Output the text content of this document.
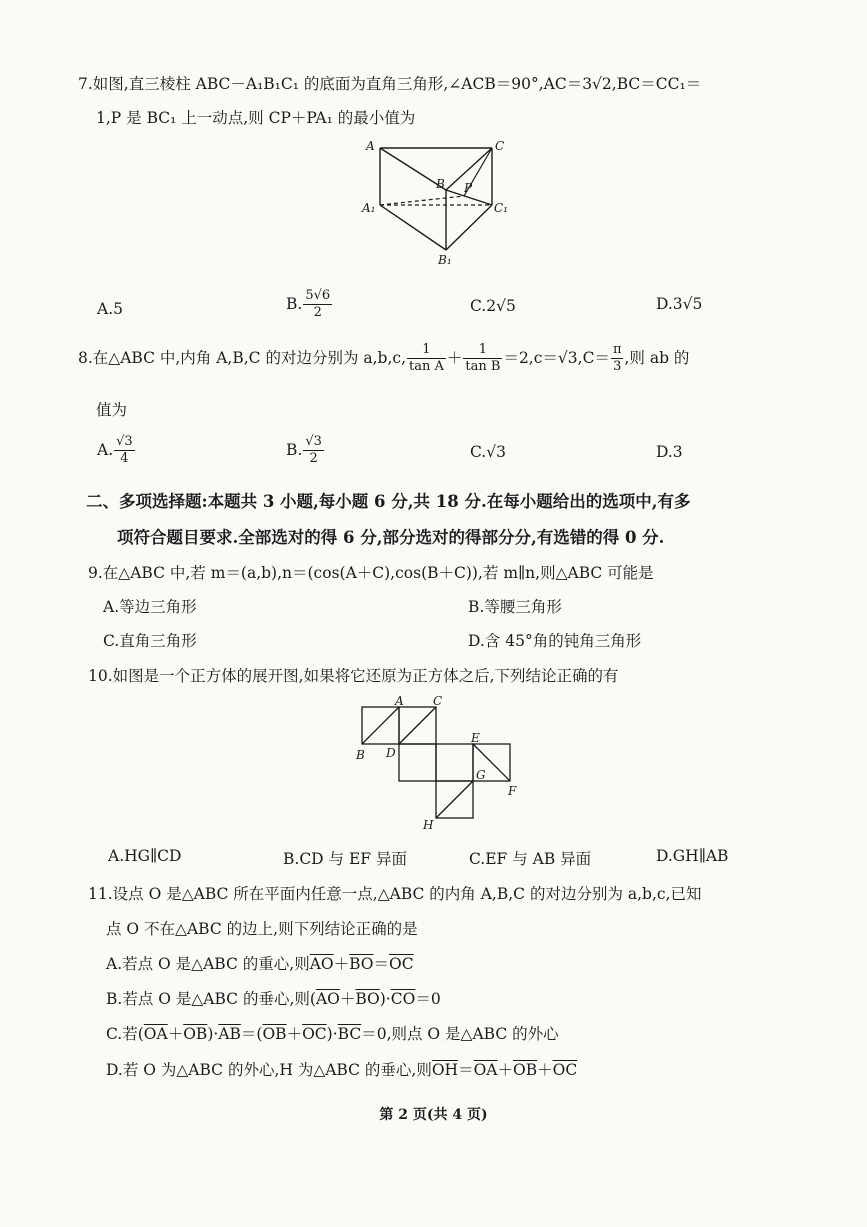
7.如图,直三棱柱 ABC－A₁B₁C₁ 的底面为直角三角形,∠ACB＝90°,AC＝3√2,BC＝CC₁＝
1,P 是 BC₁ 上一动点,则 CP＋PA₁ 的最小值为
A	C
B P
A₁	C₁
B₁
A.5	B. $\frac{5√6}{2}$	C.2√5	D.3√5
8.在△ABC 中,内角 A,B,C 的对边分别为 a,b,c, $\frac{1}{\text{tan A}} + \frac{1}{\text{tan B}} =2,c=√3,C= \frac{\pi}{3}$ ,则 ab 的
值为
A. $\frac{√3}{4}$	B. $\frac{√3}{2}$	C.√3	D.3
二、多项选择题:本题共 3 小题,每小题 6 分,共 18 分.在每小题给出的选项中,有多
项符合题目要求.全部选对的得 6 分,部分选对的得部分分,有选错的得 0 分.
9.在△ABC 中,若 m＝(a,b),n＝(cos(A＋C),cos(B＋C)),若 m∥n,则△ABC 可能是
A.等边三角形	B.等腰三角形
C.直角三角形	D.含 45°角的钝角三角形
10.如图是一个正方体的展开图,如果将它还原为正方体之后,下列结论正确的有
A C
B D
E
G
F
H
A.HG∥CD	B.CD 与 EF 异面	C.EF 与 AB 异面	D.GH∥AB
11.设点 O 是△ABC 所在平面内任意一点,△ABC 的内角 A,B,C 的对边分别为 a,b,c,已知
点 O 不在△ABC 的边上,则下列结论正确的是
A.若点 O 是△ABC 的重心,则$\overline{AO}+\overline{BO}=\overline{OC}$
B.若点 O 是△ABC 的垂心,则$(\overline{AO}+\overline{BO})\cdot\overline{CO}=0$
C.若$(\overline{OA}+\overline{OB})\cdot\overline{AB}=(\overline{OB}+\overline{OC})\cdot\overline{BC}=0$,则点 O 是△ABC 的外心
D.若 O 为△ABC 的外心,H 为△ABC 的垂心,则$\overline{OH}=\overline{OA}+\overline{OB}+\overline{OC}$
第 2 页(共 4 页)
